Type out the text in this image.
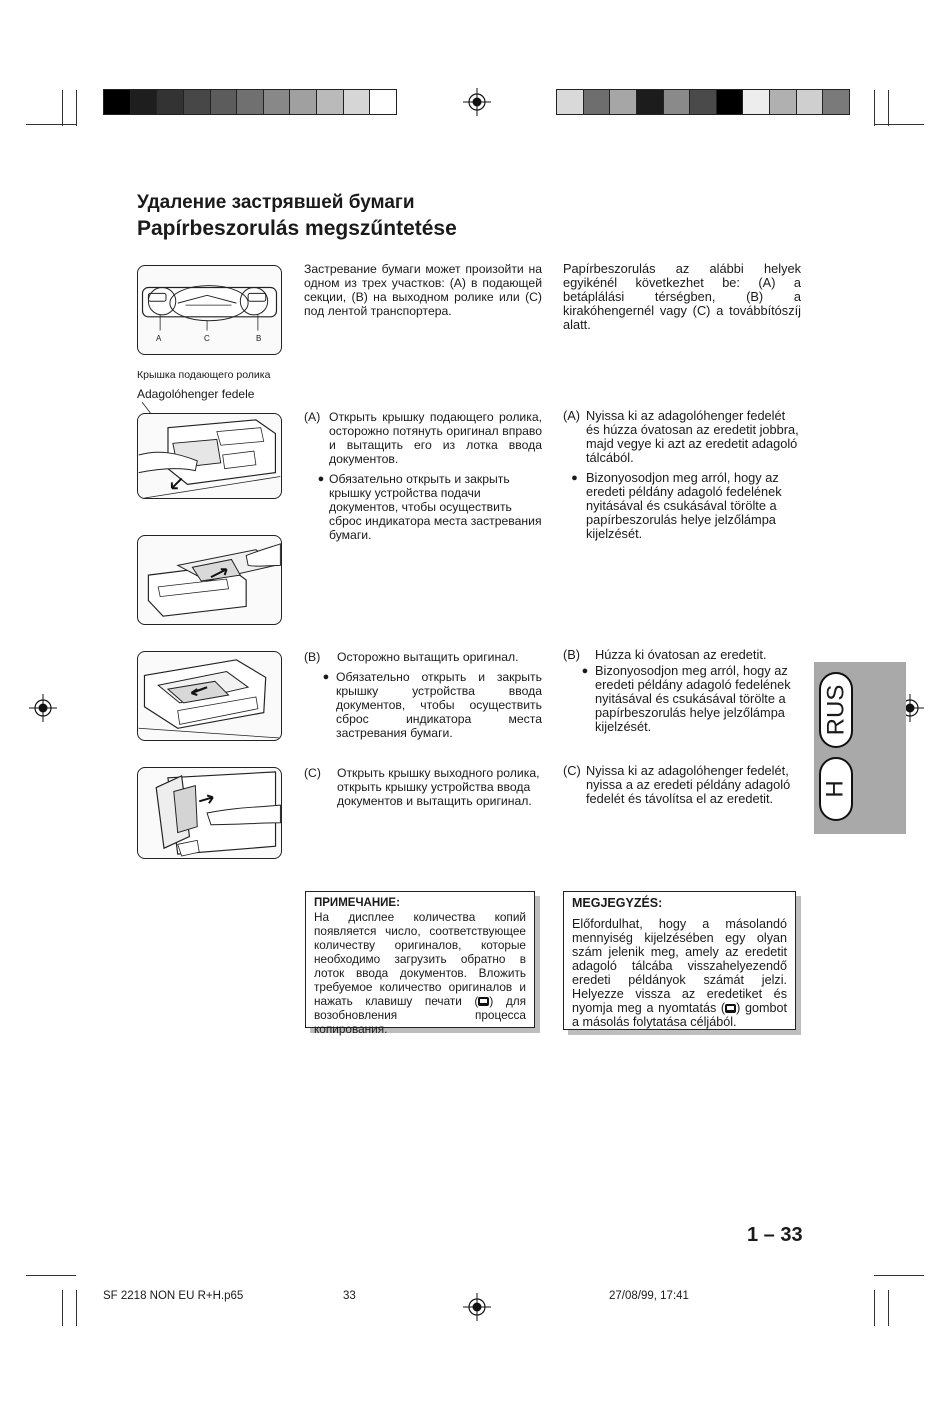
Удаление застрявшей бумаги
Papírbeszorulás megszűntetése
A	C	B
Застревание бумаги может произойти на одном из трех участков: (А) в подающей секции, (В) на выходном ролике или (С) под лентой транспортера.
Papírbeszorulás az alábbi helyek egyikénél következhet be: (A) a betáplálási térségben, (B) a kirakóhengernél vagy (C) a továbbítószíj alatt.
Крышка подающего ролика
Adagolóhenger fedele
(A) Открыть крышку подающего ролика, осторожно потянуть оригинал вправо и вытащить его из лотка ввода документов.
● Обязательно открыть и закрыть крышку устройства подачи документов, чтобы осуществить сброс индикатора места застревания бумаги.
(A) Nyissa ki az adagolóhenger fedelét és húzza óvatosan az eredetit jobbra, majd vegye ki azt az eredetit adagoló tálcából.
● Bizonyosodjon meg arról, hogy az eredeti példány adagoló fedelének nyitásával és csukásával törölte a papírbeszorulás helye jelzőlámpa kijelzését.
(B)	Осторожно вытащить оригинал.
● Обязательно открыть и закрыть крышку устройства ввода документов, чтобы осуществить сброс индикатора места застревания бумаги.
(B)	Húzza ki óvatosan az eredetit.
● Bizonyosodjon meg arról, hogy az eredeti példány adagoló fedelének nyitásával és csukásával törölte a papírbeszorulás helye jelzőlámpa kijelzését.
(C)	Открыть крышку выходного ролика, открыть крышку устройства ввода документов и вытащить оригинал.
(C) Nyissa ki az adagolóhenger fedelét, nyissa a az eredeti példány adagoló fedelét és távolítsa el az eredetit.
RUS
H
ПРИМЕЧАНИЕ:
На дисплее количества копий появляется число, соответствующее количеству оригиналов, которые необходимо загрузить обратно в лоток ввода документов. Вложить требуемое количество оригиналов и нажать клавишу печати ( ) для возобновления процесса копирования.
MEGJEGYZÉS:
Előfordulhat, hogy a másolandó mennyiség kijelzésében egy olyan szám jelenik meg, amely az eredetit adagoló tálcába visszahelyezendő eredeti példányok számát jelzi. Helyezze vissza az eredetiket és nyomja meg a nyomtatás ( ) gombot a másolás folytatása céljából.
1 – 33
SF 2218 NON EU R+H.p65	33	27/08/99, 17:41
